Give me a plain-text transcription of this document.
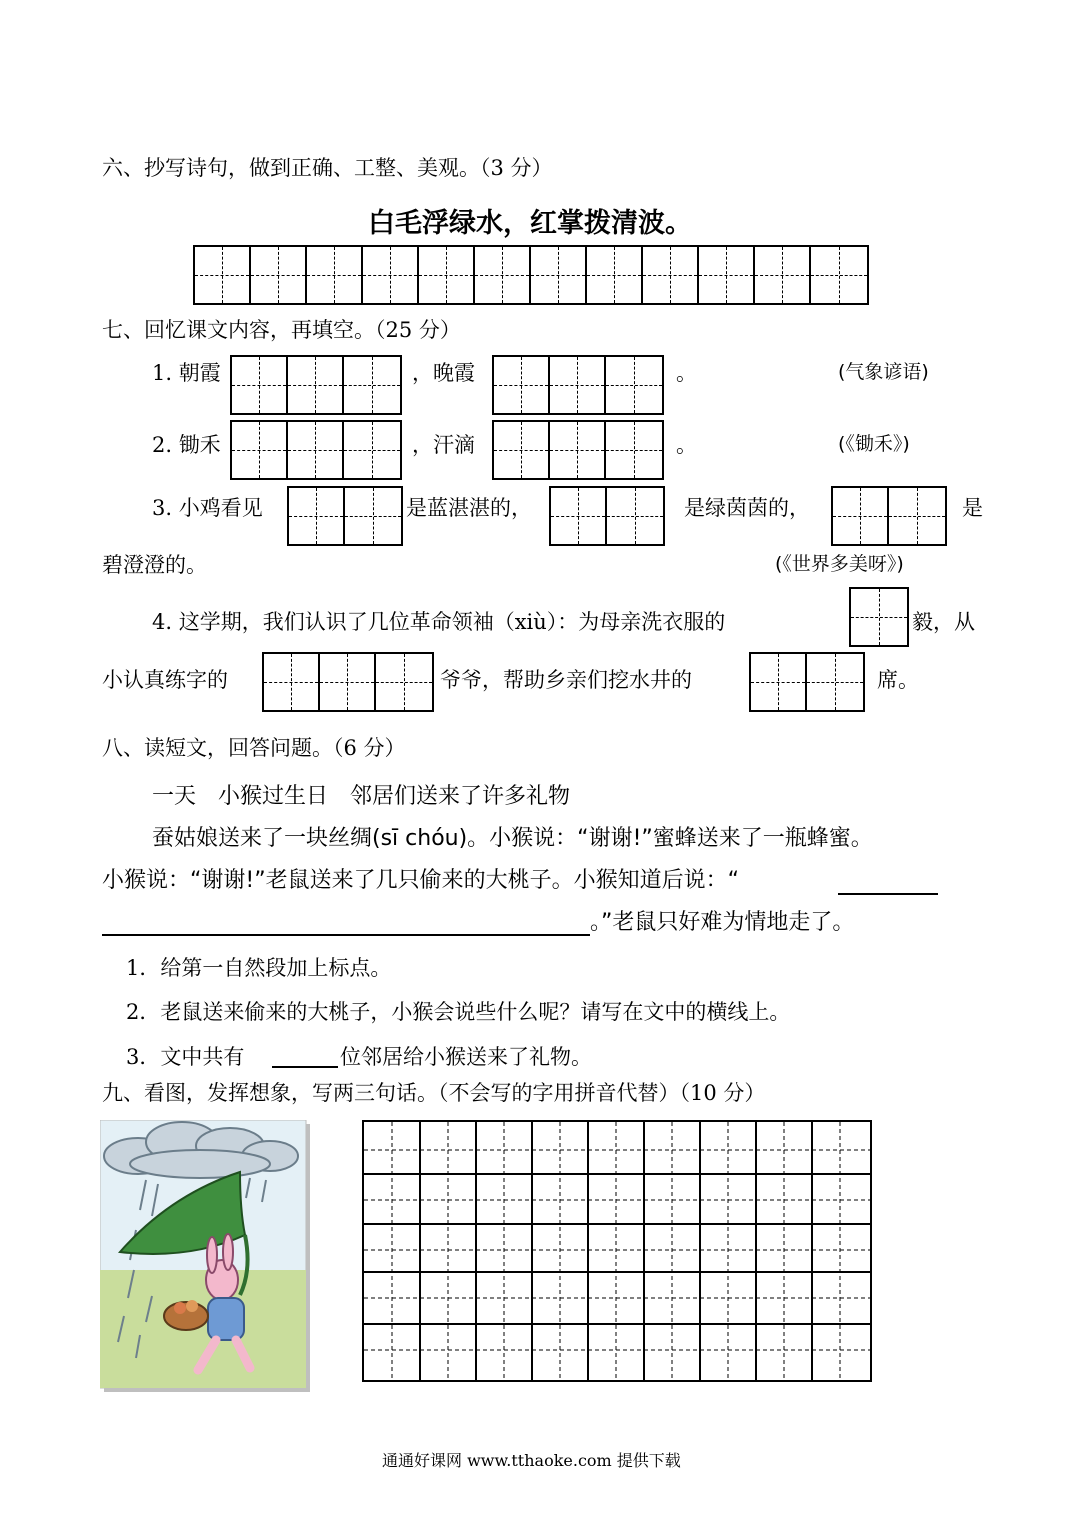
六、抄写诗句，做到正确、工整、美观。（3 分）
白毛浮绿水，红掌拨清波。
七、回忆课文内容，再填空。（25 分）
1. 朝霞	，晚霞	。	(气象谚语)
2. 锄禾	，汗滴	。	(《锄禾》)
3. 小鸡看见	是蓝湛湛的，	是绿茵茵的，	是
碧澄澄的。	(《世界多美呀》)
4. 这学期，我们认识了几位革命领袖（xiù）：为母亲洗衣服的	毅，从
小认真练字的	爷爷，帮助乡亲们挖水井的	席。
八、读短文，回答问题。（6 分）
一天　小猴过生日　邻居们送来了许多礼物
蚕姑娘送来了一块丝绸(sī chóu)。小猴说：“谢谢!”蜜蜂送来了一瓶蜂蜜。
小猴说：“谢谢!”老鼠送来了几只偷来的大桃子。小猴知道后说：“
。”老鼠只好难为情地走了。
1．给第一自然段加上标点。
2．老鼠送来偷来的大桃子，小猴会说些什么呢？请写在文中的横线上。
3．文中共有	位邻居给小猴送来了礼物。
九、看图，发挥想象，写两三句话。（不会写的字用拼音代替）（10 分）
通通好课网 www.tthaoke.com 提供下载
